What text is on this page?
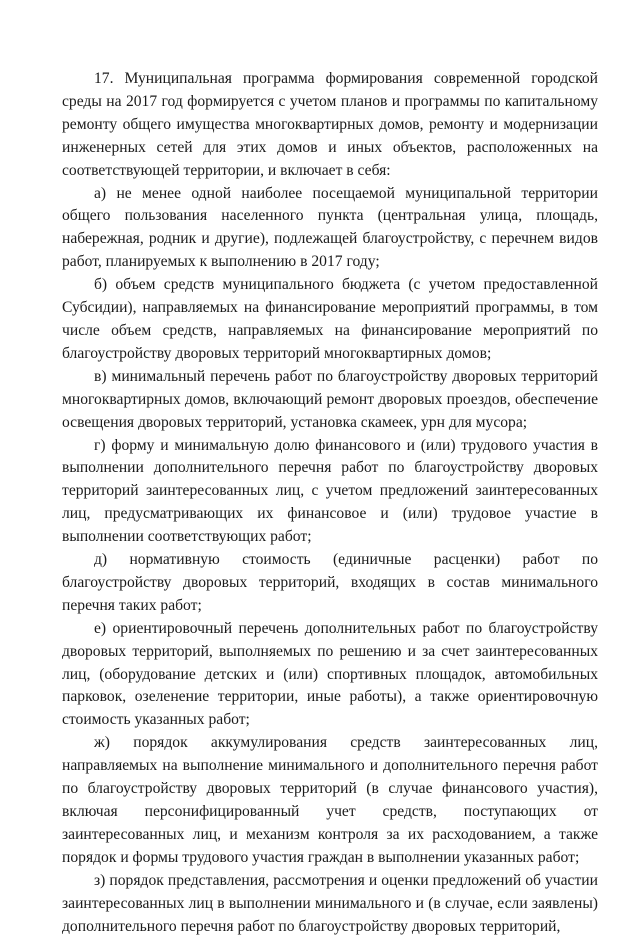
17. Муниципальная программа формирования современной городской среды на 2017 год формируется с учетом планов и программы по капитальному ремонту общего имущества многоквартирных домов, ремонту и модернизации инженерных сетей для этих домов и иных объектов, расположенных на соответствующей территории, и включает в себя:

а) не менее одной наиболее посещаемой муниципальной территории общего пользования населенного пункта (центральная улица, площадь, набережная, родник и другие), подлежащей благоустройству, с перечнем видов работ, планируемых к выполнению в 2017 году;

б) объем средств муниципального бюджета (с учетом предоставленной Субсидии), направляемых на финансирование мероприятий программы, в том числе объем средств, направляемых на финансирование мероприятий по благоустройству дворовых территорий многоквартирных домов;

в) минимальный перечень работ по благоустройству дворовых территорий многоквартирных домов, включающий ремонт дворовых проездов, обеспечение освещения дворовых территорий, установка скамеек, урн для мусора;

г) форму и минимальную долю финансового и (или) трудового участия в выполнении дополнительного перечня работ по благоустройству дворовых территорий заинтересованных лиц, с учетом предложений заинтересованных лиц, предусматривающих их финансовое и (или) трудовое участие в выполнении соответствующих работ;

д) нормативную стоимость (единичные расценки) работ по благоустройству дворовых территорий, входящих в состав минимального перечня таких работ;

е) ориентировочный перечень дополнительных работ по благоустройству дворовых территорий, выполняемых по решению и за счет заинтересованных лиц, (оборудование детских и (или) спортивных площадок, автомобильных парковок, озеленение территории, иные работы), а также ориентировочную стоимость указанных работ;

ж) порядок аккумулирования средств заинтересованных лиц, направляемых на выполнение минимального и дополнительного перечня работ по благоустройству дворовых территорий (в случае финансового участия), включая персонифицированный учет средств, поступающих от заинтересованных лиц, и механизм контроля за их расходованием, а также порядок и формы трудового участия граждан в выполнении указанных работ;

з) порядок представления, рассмотрения и оценки предложений об участии заинтересованных лиц в выполнении минимального и (в случае, если заявлены) дополнительного перечня работ по благоустройству дворовых территорий,
